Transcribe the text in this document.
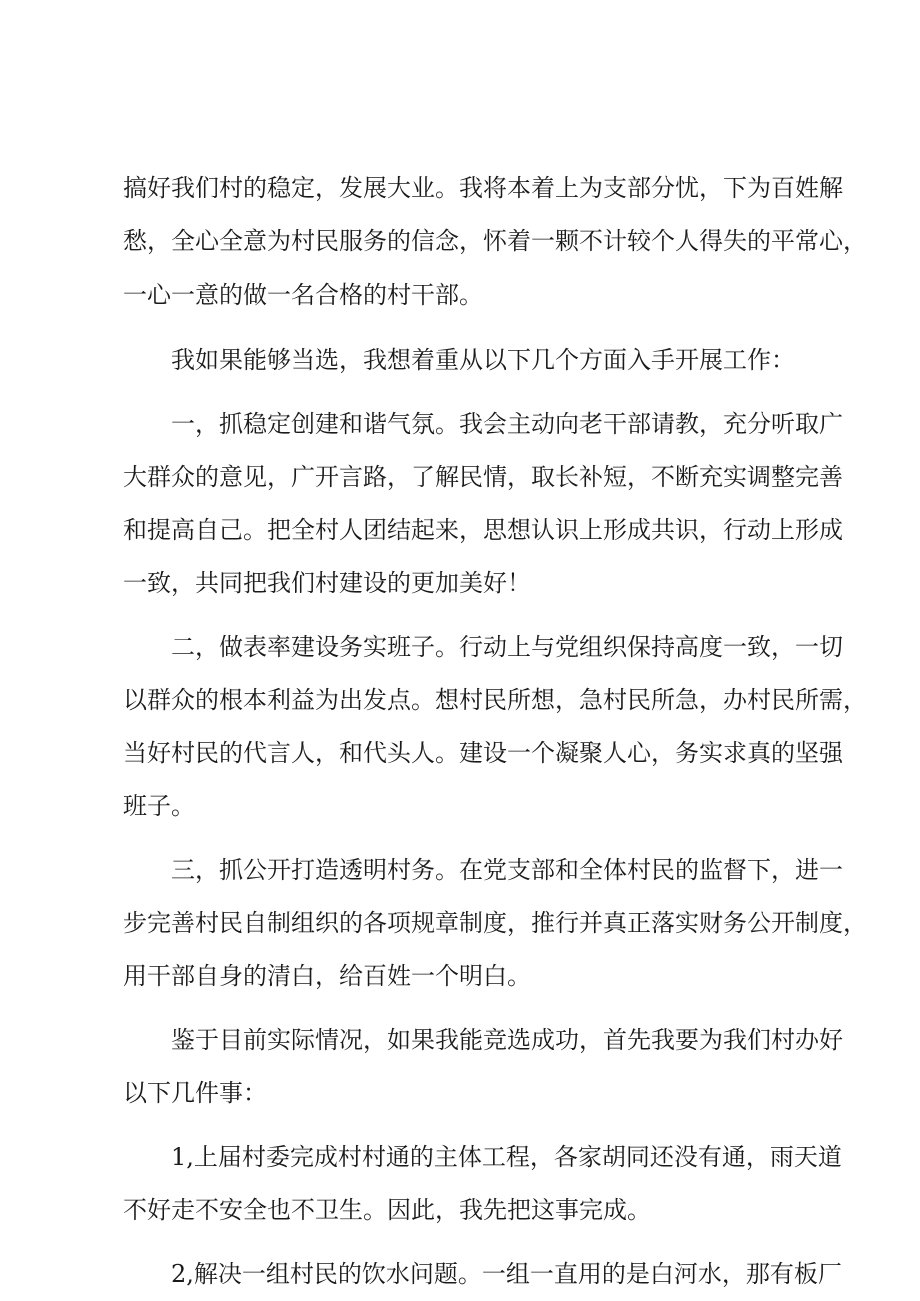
搞好我们村的稳定，发展大业。我将本着上为支部分忧，下为百姓解
愁，全心全意为村民服务的信念，怀着一颗不计较个人得失的平常心，
一心一意的做一名合格的村干部。
我如果能够当选，我想着重从以下几个方面入手开展工作：
一，抓稳定创建和谐气氛。我会主动向老干部请教，充分听取广
大群众的意见，广开言路，了解民情，取长补短，不断充实调整完善
和提高自己。把全村人团结起来，思想认识上形成共识，行动上形成
一致，共同把我们村建设的更加美好！
二，做表率建设务实班子。行动上与党组织保持高度一致，一切
以群众的根本利益为出发点。想村民所想，急村民所急，办村民所需，
当好村民的代言人，和代头人。建设一个凝聚人心，务实求真的坚强
班子。
三，抓公开打造透明村务。在党支部和全体村民的监督下，进一
步完善村民自制组织的各项规章制度，推行并真正落实财务公开制度，
用干部自身的清白，给百姓一个明白。
鉴于目前实际情况，如果我能竞选成功，首先我要为我们村办好
以下几件事：
1,上届村委完成村村通的主体工程，各家胡同还没有通，雨天道
不好走不安全也不卫生。因此，我先把这事完成。
2,解决一组村民的饮水问题。一组一直用的是白河水，那有板厂
